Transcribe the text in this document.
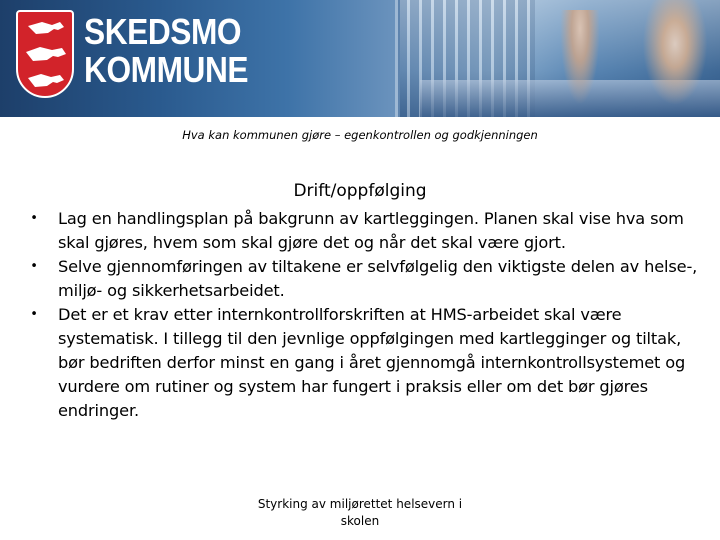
SKEDSMO
KOMMUNE
Hva kan kommunen gjøre – egenkontrollen og godkjenningen
Drift/oppfølging
• Lag en handlingsplan på bakgrunn av kartleggingen. Planen skal vise hva som skal gjøres, hvem som skal gjøre det og når det skal være gjort.
• Selve gjennomføringen av tiltakene er selvfølgelig den viktigste delen av helse-, miljø- og sikkerhetsarbeidet.
• Det er et krav etter internkontrollforskriften at HMS-arbeidet skal være systematisk. I tillegg til den jevnlige oppfølgingen med kartlegginger og tiltak, bør bedriften derfor minst en gang i året gjennomgå internkontrollsystemet og vurdere om rutiner og system har fungert i praksis eller om det bør gjøres endringer.
Styrking av miljørettet helsevern i skolen
